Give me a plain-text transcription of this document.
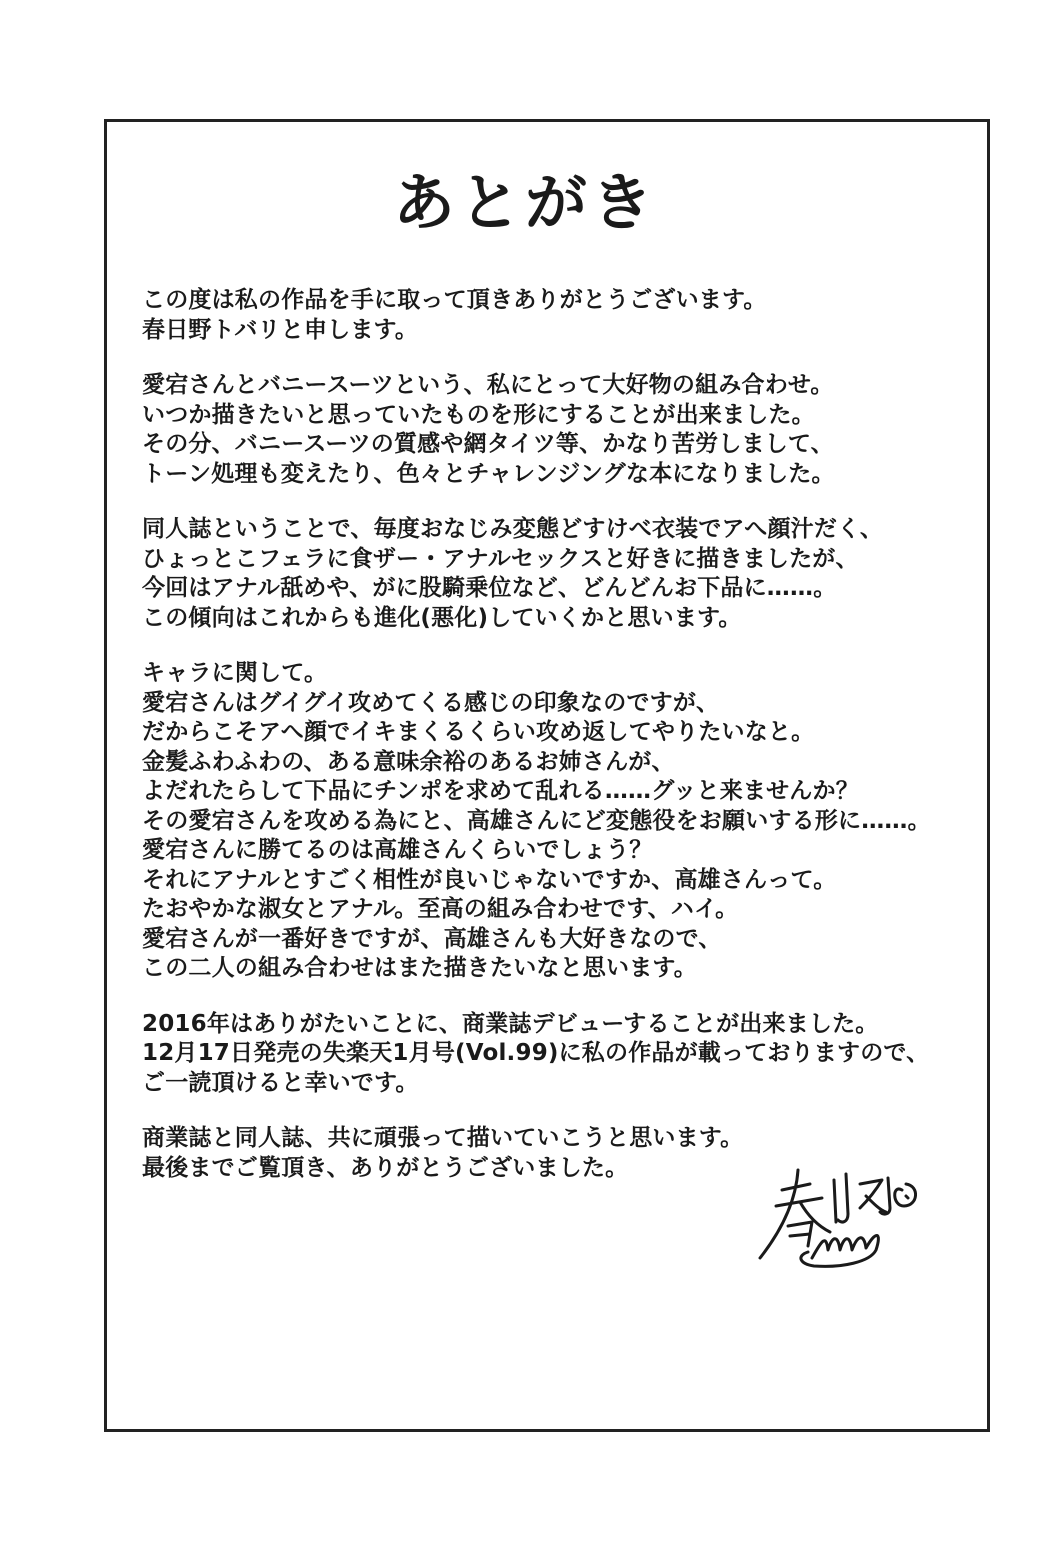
あとがき
この度は私の作品を手に取って頂きありがとうございます。
春日野トバリと申します。
愛宕さんとバニースーツという、私にとって大好物の組み合わせ。
いつか描きたいと思っていたものを形にすることが出来ました。
その分、バニースーツの質感や網タイツ等、かなり苦労しまして、
トーン処理も変えたり、色々とチャレンジングな本になりました。
同人誌ということで、毎度おなじみ変態どすけべ衣装でアへ顔汁だく、
ひょっとこフェラに食ザー・アナルセックスと好きに描きましたが、
今回はアナル舐めや、がに股騎乗位など、どんどんお下品に……。
この傾向はこれからも進化(悪化)していくかと思います。
キャラに関して。
愛宕さんはグイグイ攻めてくる感じの印象なのですが、
だからこそアへ顔でイキまくるくらい攻め返してやりたいなと。
金髪ふわふわの、ある意味余裕のあるお姉さんが、
よだれたらして下品にチンポを求めて乱れる……グッと来ませんか？
その愛宕さんを攻める為にと、高雄さんにど変態役をお願いする形に……。
愛宕さんに勝てるのは高雄さんくらいでしょう？
それにアナルとすごく相性が良いじゃないですか、高雄さんって。
たおやかな淑女とアナル。至高の組み合わせです、ハイ。
愛宕さんが一番好きですが、高雄さんも大好きなので、
この二人の組み合わせはまた描きたいなと思います。
2016年はありがたいことに、商業誌デビューすることが出来ました。
12月17日発売の失楽天1月号(Vol.99)に私の作品が載っておりますので、
ご一読頂けると幸いです。
商業誌と同人誌、共に頑張って描いていこうと思います。
最後までご覧頂き、ありがとうございました。
